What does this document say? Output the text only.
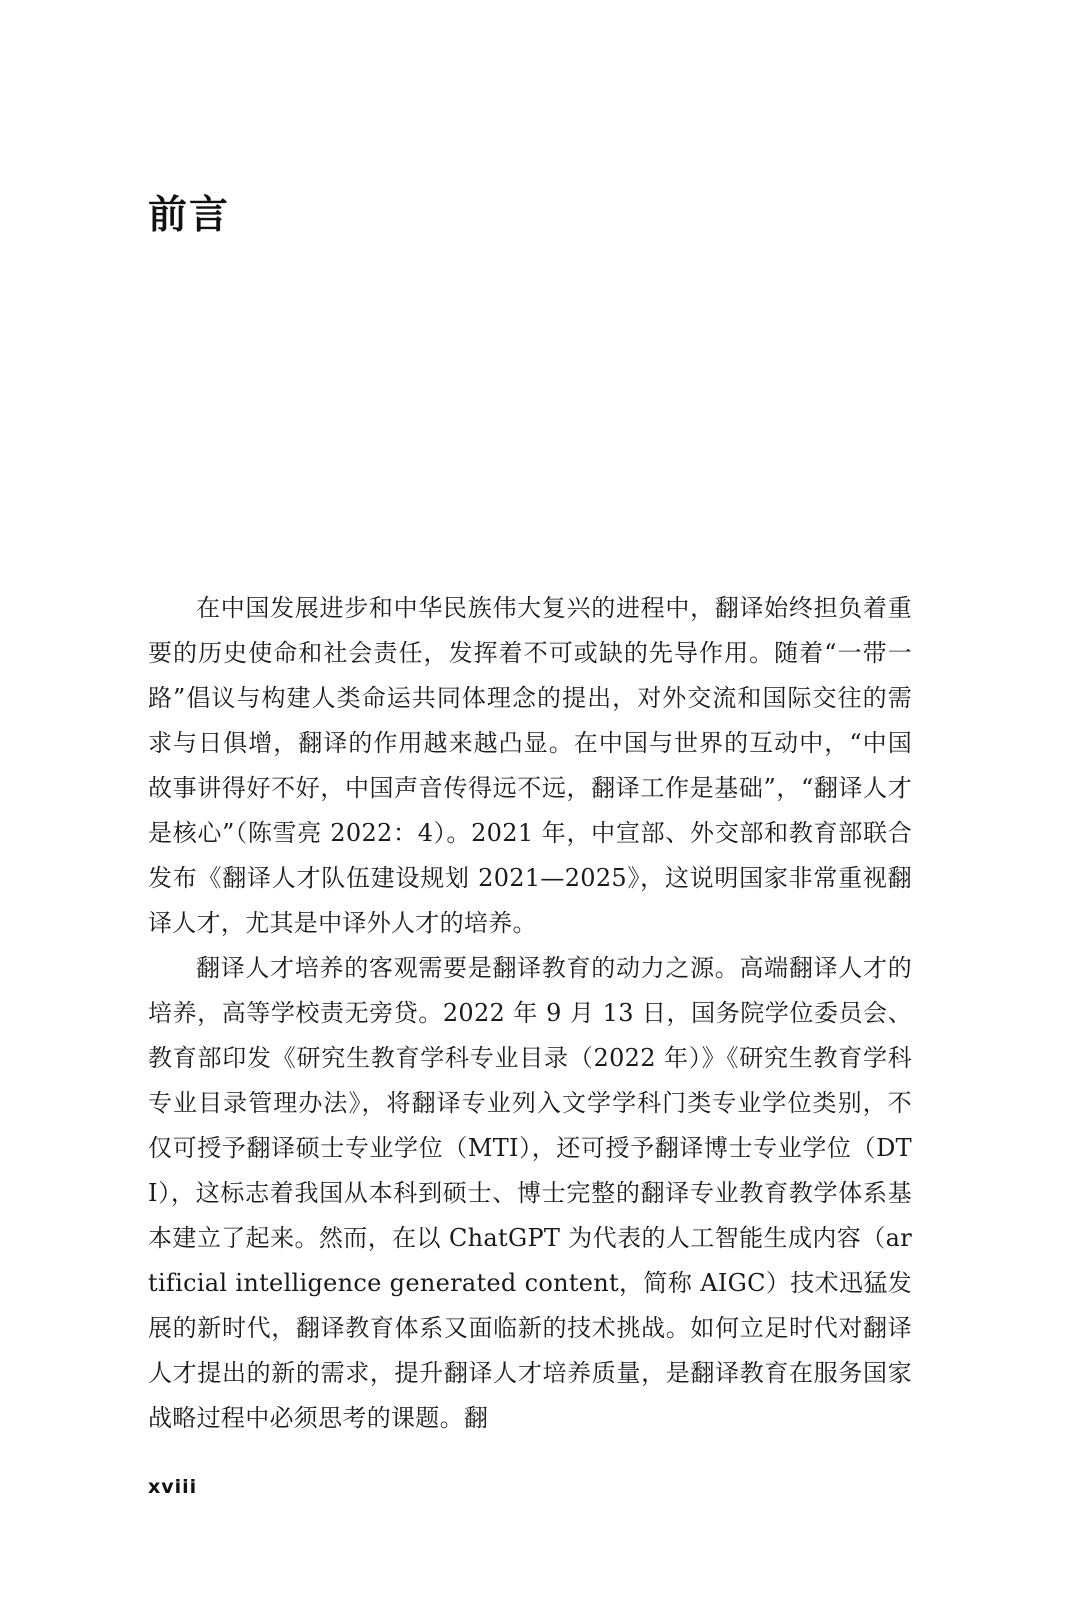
前言

在中国发展进步和中华民族伟大复兴的进程中，翻译始终担负着重要的历史使命和社会责任，发挥着不可或缺的先导作用。随着“一带一路”倡议与构建人类命运共同体理念的提出，对外交流和国际交往的需求与日俱增，翻译的作用越来越凸显。在中国与世界的互动中，“中国故事讲得好不好，中国声音传得远不远，翻译工作是基础”，“翻译人才是核心”（陈雪亮 2022：4）。2021 年，中宣部、外交部和教育部联合发布《翻译人才队伍建设规划 2021—2025》，这说明国家非常重视翻译人才，尤其是中译外人才的培养。

翻译人才培养的客观需要是翻译教育的动力之源。高端翻译人才的培养，高等学校责无旁贷。2022 年 9 月 13 日，国务院学位委员会、教育部印发《研究生教育学科专业目录（2022 年）》《研究生教育学科专业目录管理办法》，将翻译专业列入文学学科门类专业学位类别，不仅可授予翻译硕士专业学位（MTI），还可授予翻译博士专业学位（DTI），这标志着我国从本科到硕士、博士完整的翻译专业教育教学体系基本建立了起来。然而，在以 ChatGPT 为代表的人工智能生成内容（artificial intelligence generated content，简称 AIGC）技术迅猛发展的新时代，翻译教育体系又面临新的技术挑战。如何立足时代对翻译人才提出的新的需求，提升翻译人才培养质量，是翻译教育在服务国家战略过程中必须思考的课题。翻

xviii
